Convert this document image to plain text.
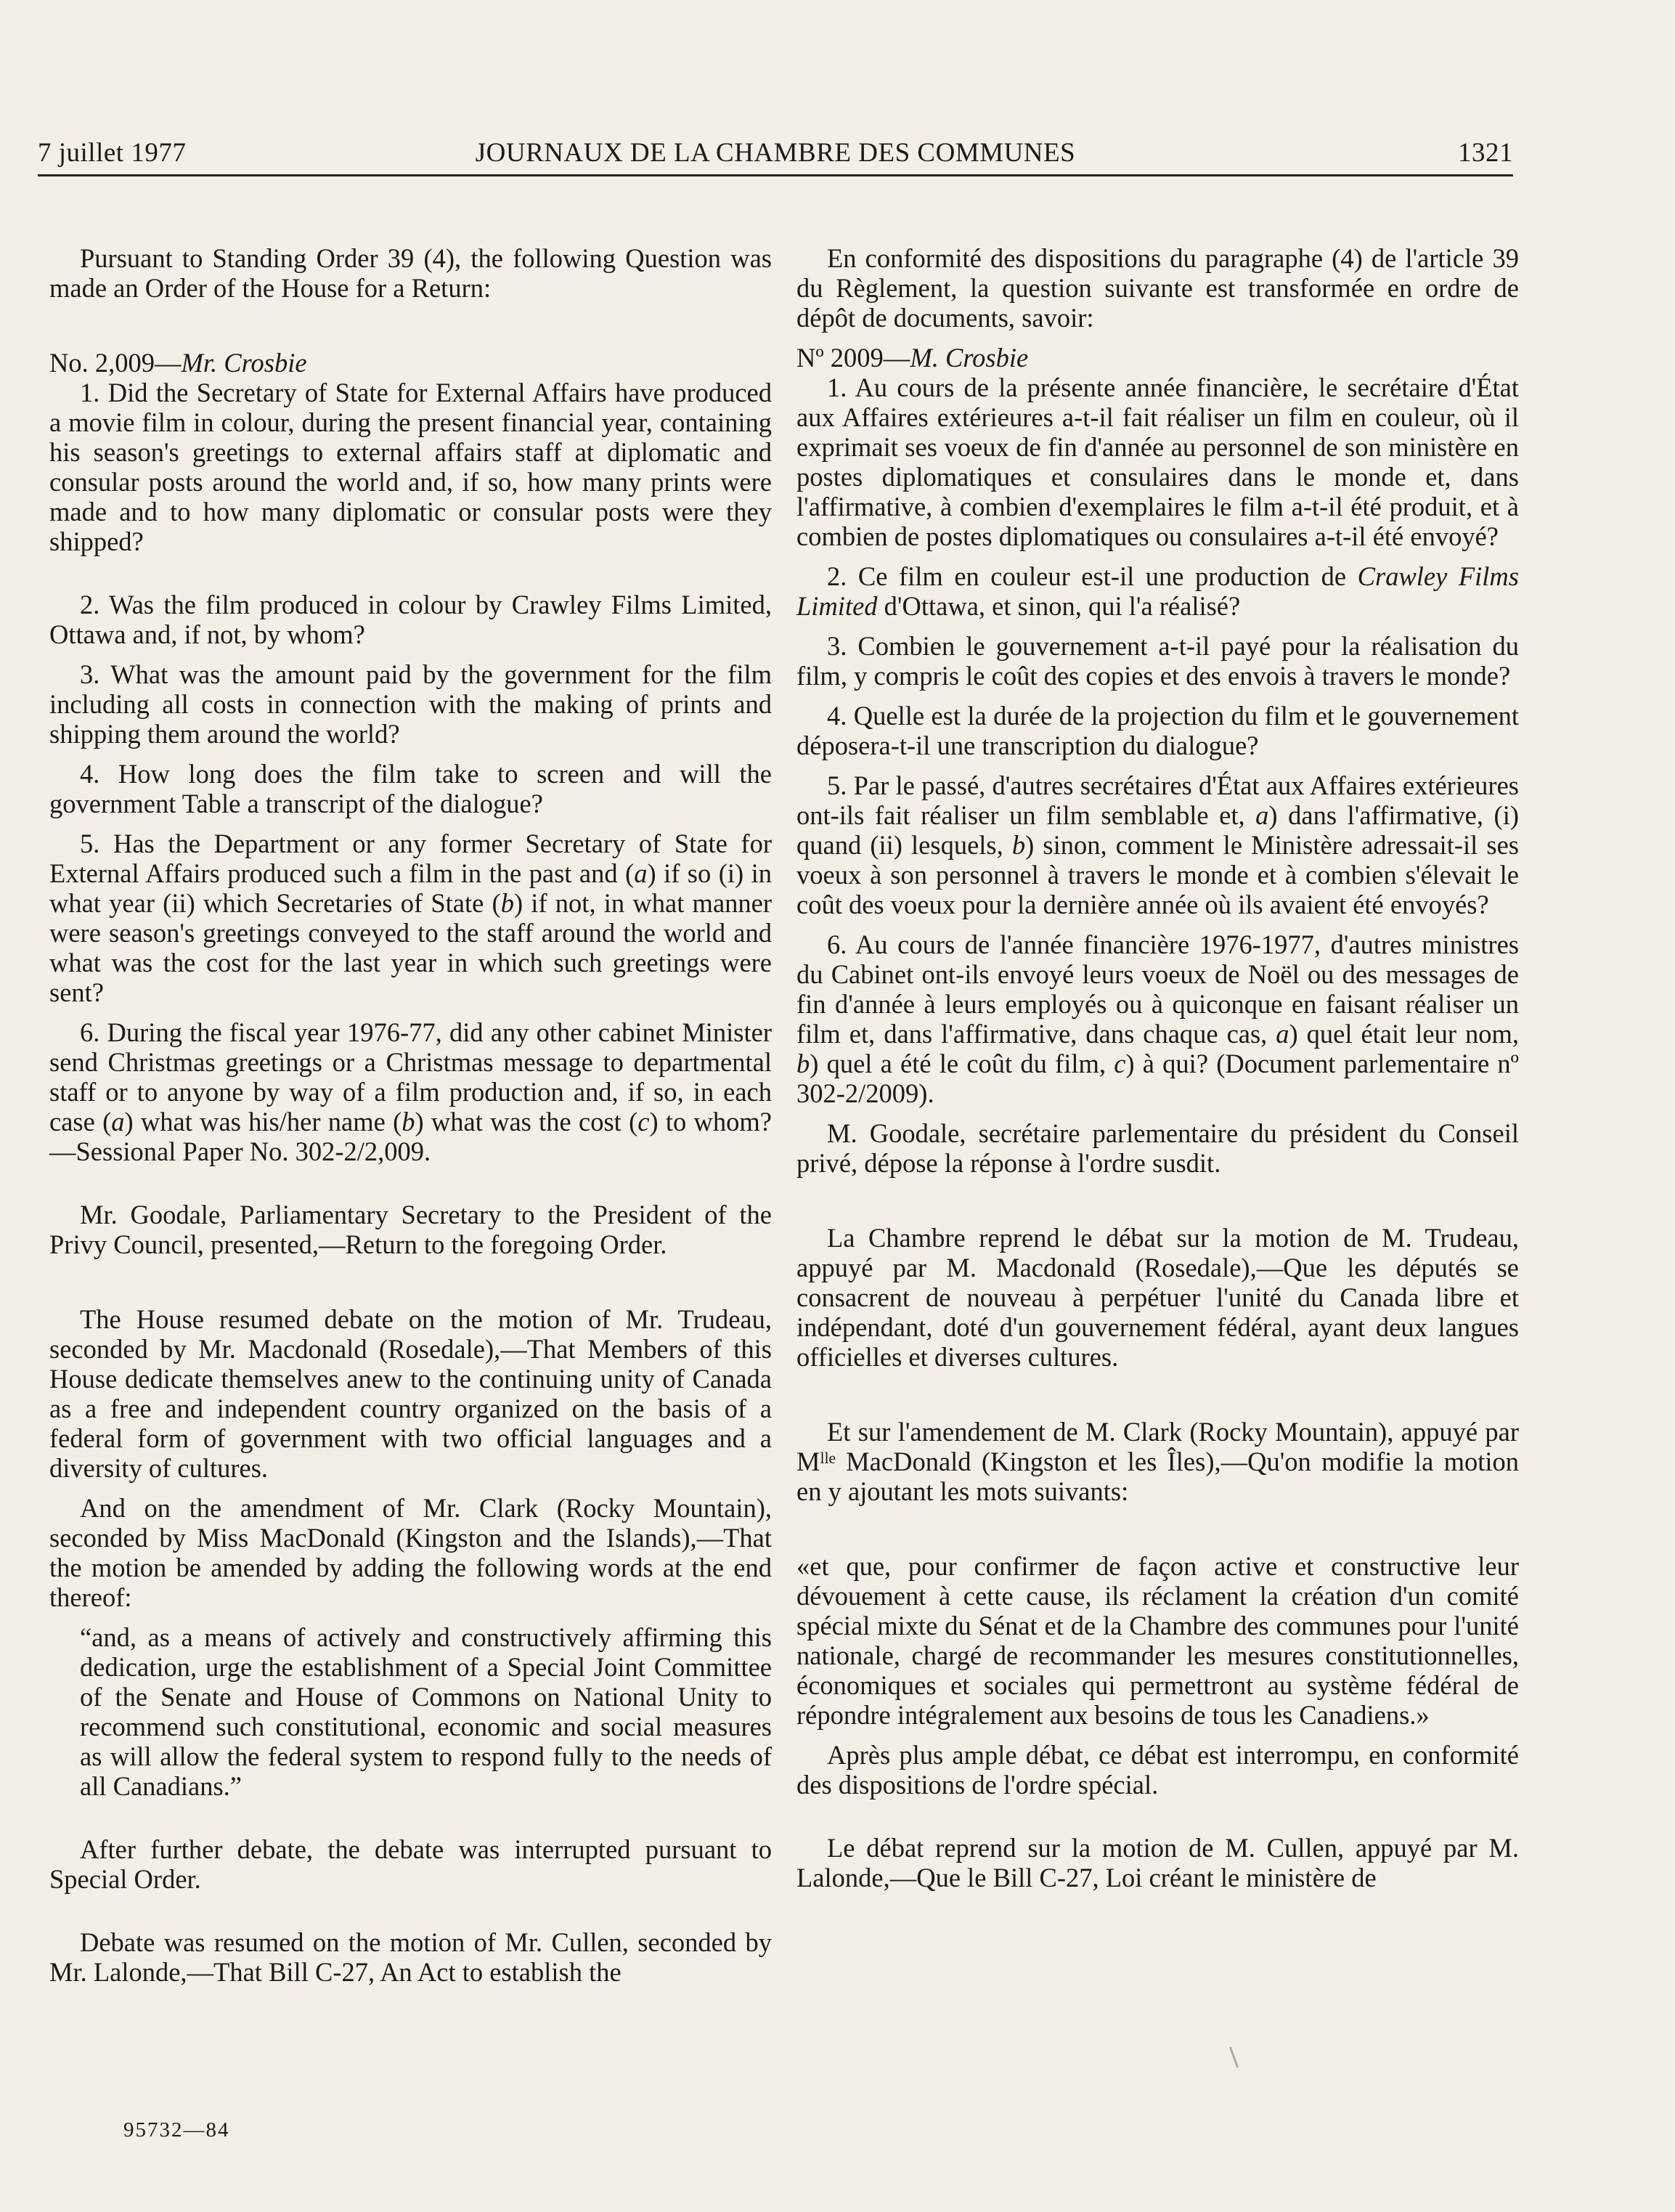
JOURNAUX DE LA CHAMBRE DES COMMUNES
7 juillet 1977	1321

Pursuant to Standing Order 39 (4), the following Question was made an Order of the House for a Return:

No. 2,009—Mr. Crosbie

1. Did the Secretary of State for External Affairs have produced a movie film in colour, during the present financial year, containing his season's greetings to external affairs staff at diplomatic and consular posts around the world and, if so, how many prints were made and to how many diplomatic or consular posts were they shipped?

2. Was the film produced in colour by Crawley Films Limited, Ottawa and, if not, by whom?

3. What was the amount paid by the government for the film including all costs in connection with the making of prints and shipping them around the world?

4. How long does the film take to screen and will the government Table a transcript of the dialogue?

5. Has the Department or any former Secretary of State for External Affairs produced such a film in the past and (a) if so (i) in what year (ii) which Secretaries of State (b) if not, in what manner were season's greetings conveyed to the staff around the world and what was the cost for the last year in which such greetings were sent?

6. During the fiscal year 1976-77, did any other cabinet Minister send Christmas greetings or a Christmas message to departmental staff or to anyone by way of a film production and, if so, in each case (a) what was his/her name (b) what was the cost (c) to whom?—Sessional Paper No. 302-2/2,009.

Mr. Goodale, Parliamentary Secretary to the President of the Privy Council, presented,—Return to the foregoing Order.

The House resumed debate on the motion of Mr. Trudeau, seconded by Mr. Macdonald (Rosedale),—That Members of this House dedicate themselves anew to the continuing unity of Canada as a free and independent country organized on the basis of a federal form of government with two official languages and a diversity of cultures.

And on the amendment of Mr. Clark (Rocky Mountain), seconded by Miss MacDonald (Kingston and the Islands),—That the motion be amended by adding the following words at the end thereof:

“and, as a means of actively and constructively affirming this dedication, urge the establishment of a Special Joint Committee of the Senate and House of Commons on National Unity to recommend such constitutional, economic and social measures as will allow the federal system to respond fully to the needs of all Canadians.”

After further debate, the debate was interrupted pursuant to Special Order.

Debate was resumed on the motion of Mr. Cullen, seconded by Mr. Lalonde,—That Bill C-27, An Act to establish the

En conformité des dispositions du paragraphe (4) de l'article 39 du Règlement, la question suivante est transformée en ordre de dépôt de documents, savoir:

Nº 2009—M. Crosbie

1. Au cours de la présente année financière, le secrétaire d'État aux Affaires extérieures a-t-il fait réaliser un film en couleur, où il exprimait ses voeux de fin d'année au personnel de son ministère en postes diplomatiques et consulaires dans le monde et, dans l'affirmative, à combien d'exemplaires le film a-t-il été produit, et à combien de postes diplomatiques ou consulaires a-t-il été envoyé?

2. Ce film en couleur est-il une production de Crawley Films Limited d'Ottawa, et sinon, qui l'a réalisé?

3. Combien le gouvernement a-t-il payé pour la réalisation du film, y compris le coût des copies et des envois à travers le monde?

4. Quelle est la durée de la projection du film et le gouvernement déposera-t-il une transcription du dialogue?

5. Par le passé, d'autres secrétaires d'État aux Affaires extérieures ont-ils fait réaliser un film semblable et, a) dans l'affirmative, (i) quand (ii) lesquels, b) sinon, comment le Ministère adressait-il ses voeux à son personnel à travers le monde et à combien s'élevait le coût des voeux pour la dernière année où ils avaient été envoyés?

6. Au cours de l'année financière 1976-1977, d'autres ministres du Cabinet ont-ils envoyé leurs voeux de Noël ou des messages de fin d'année à leurs employés ou à quiconque en faisant réaliser un film et, dans l'affirmative, dans chaque cas, a) quel était leur nom, b) quel a été le coût du film, c) à qui? (Document parlementaire nº 302-2/2009).

M. Goodale, secrétaire parlementaire du président du Conseil privé, dépose la réponse à l'ordre susdit.

La Chambre reprend le débat sur la motion de M. Trudeau, appuyé par M. Macdonald (Rosedale),—Que les députés se consacrent de nouveau à perpétuer l'unité du Canada libre et indépendant, doté d'un gouvernement fédéral, ayant deux langues officielles et diverses cultures.

Et sur l'amendement de M. Clark (Rocky Mountain), appuyé par Mˡˡᵉ MacDonald (Kingston et les Îles),—Qu'on modifie la motion en y ajoutant les mots suivants:

«et que, pour confirmer de façon active et constructive leur dévouement à cette cause, ils réclament la création d'un comité spécial mixte du Sénat et de la Chambre des communes pour l'unité nationale, chargé de recommander les mesures constitutionnelles, économiques et sociales qui permettront au système fédéral de répondre intégralement aux besoins de tous les Canadiens.»

Après plus ample débat, ce débat est interrompu, en conformité des dispositions de l'ordre spécial.

Le débat reprend sur la motion de M. Cullen, appuyé par M. Lalonde,—Que le Bill C-27, Loi créant le ministère de

95732—84
